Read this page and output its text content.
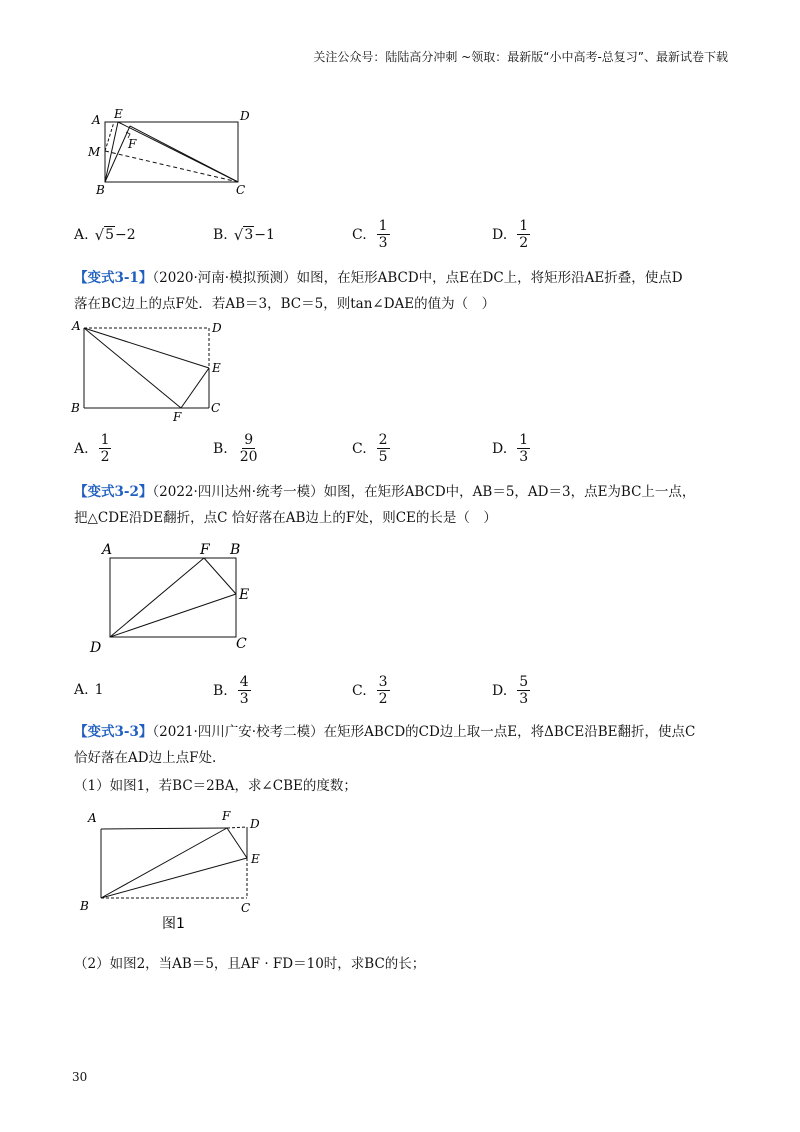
关注公众号：陆陆高分冲刺 ~领取：最新版“小中高考-总复习”、最新试卷下载
A E	D
M
F
B	C
A. √ 5 −2	B. √ 3 −1	C. $\frac{1}{3}$	D. $\frac{1}{2}$
【变式3-1】（2020·河南·模拟预测）如图，在矩形ABCD中，点E在DC上，将矩形沿AE折叠，使点D
落在BC边上的点F处．若AB＝3，BC＝5，则tan∠DAE的值为（　）
A	D
E
B
F
C
A. $\frac{1}{2}$	B. $\frac{9}{20}$	C. $\frac{2}{5}$	D. $\frac{1}{3}$
【变式3-2】（2022·四川达州·统考一模）如图，在矩形ABCD中，AB＝5，AD＝3，点E为BC上一点，
把△CDE沿DE翻折，点C 恰好落在AB边上的F处，则CE的长是（　）
A	F B
E
D	C
A. 1	B. $\frac{4}{3}$	C. $\frac{3}{2}$	D. $\frac{5}{3}$
【变式3-3】（2021·四川广安·校考二模）在矩形ABCD的CD边上取一点E，将ΔBCE沿BE翻折，使点C
恰好落在AD边上点F处.
（1）如图1，若BC＝2BA，求∠CBE的度数；
A	F
D
E
B	C
图1
（2）如图2，当AB＝5，且AF · FD＝10时，求BC的长；
30
